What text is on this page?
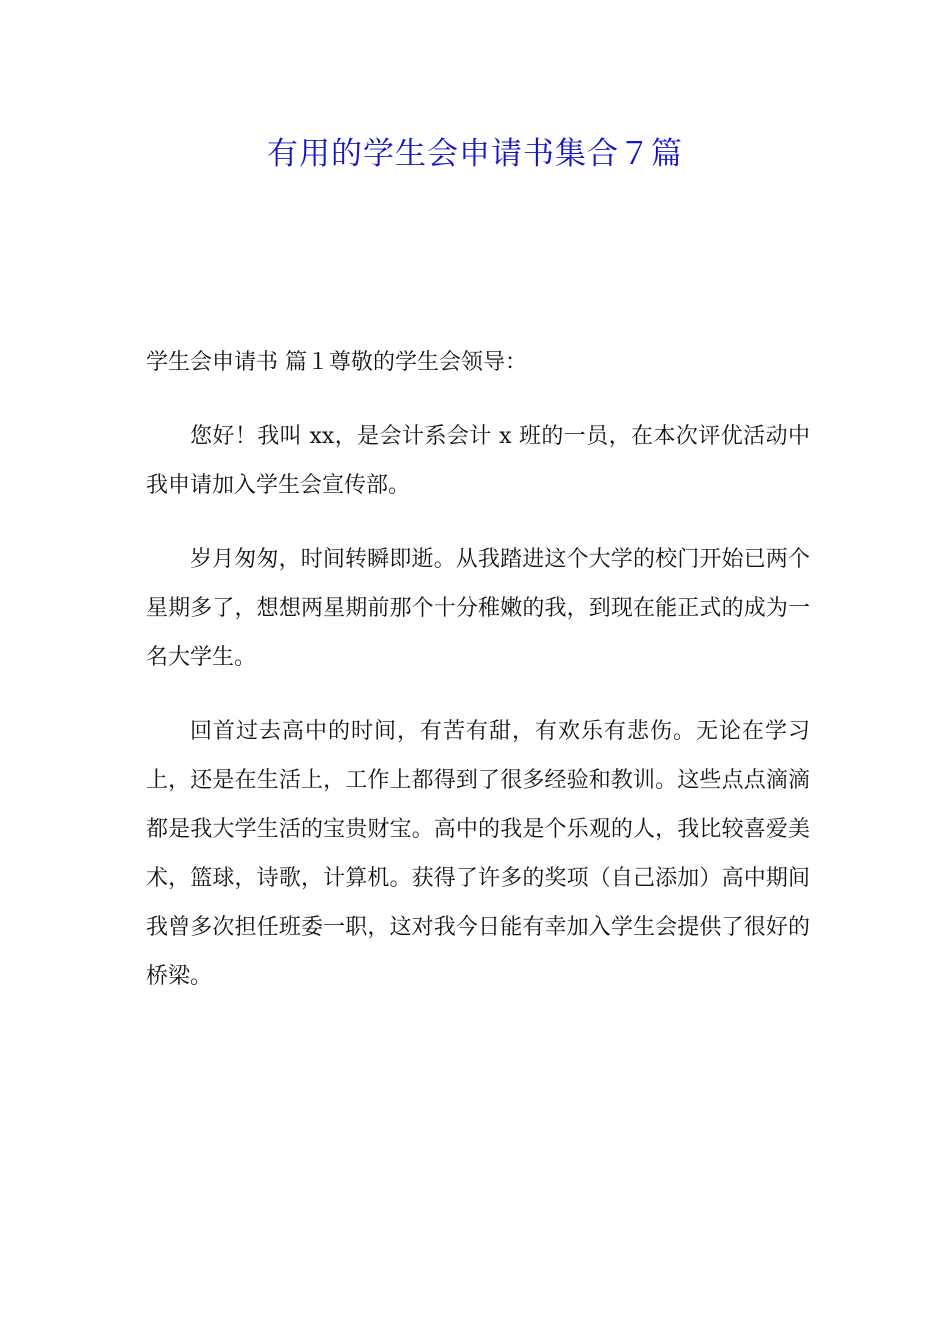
有用的学生会申请书集合７篇

学生会申请书 篇１尊敬的学生会领导：

您好！我叫 xx，是会计系会计 x 班的一员，在本次评优活动中我申请加入学生会宣传部。

岁月匆匆，时间转瞬即逝。从我踏进这个大学的校门开始已两个星期多了，想想两星期前那个十分稚嫩的我，到现在能正式的成为一名大学生。

回首过去高中的时间，有苦有甜，有欢乐有悲伤。无论在学习上，还是在生活上，工作上都得到了很多经验和教训。这些点点滴滴都是我大学生活的宝贵财宝。高中的我是个乐观的人，我比较喜爱美术，篮球，诗歌，计算机。获得了许多的奖项（自己添加）高中期间我曾多次担任班委一职，这对我今日能有幸加入学生会提供了很好的桥梁。
